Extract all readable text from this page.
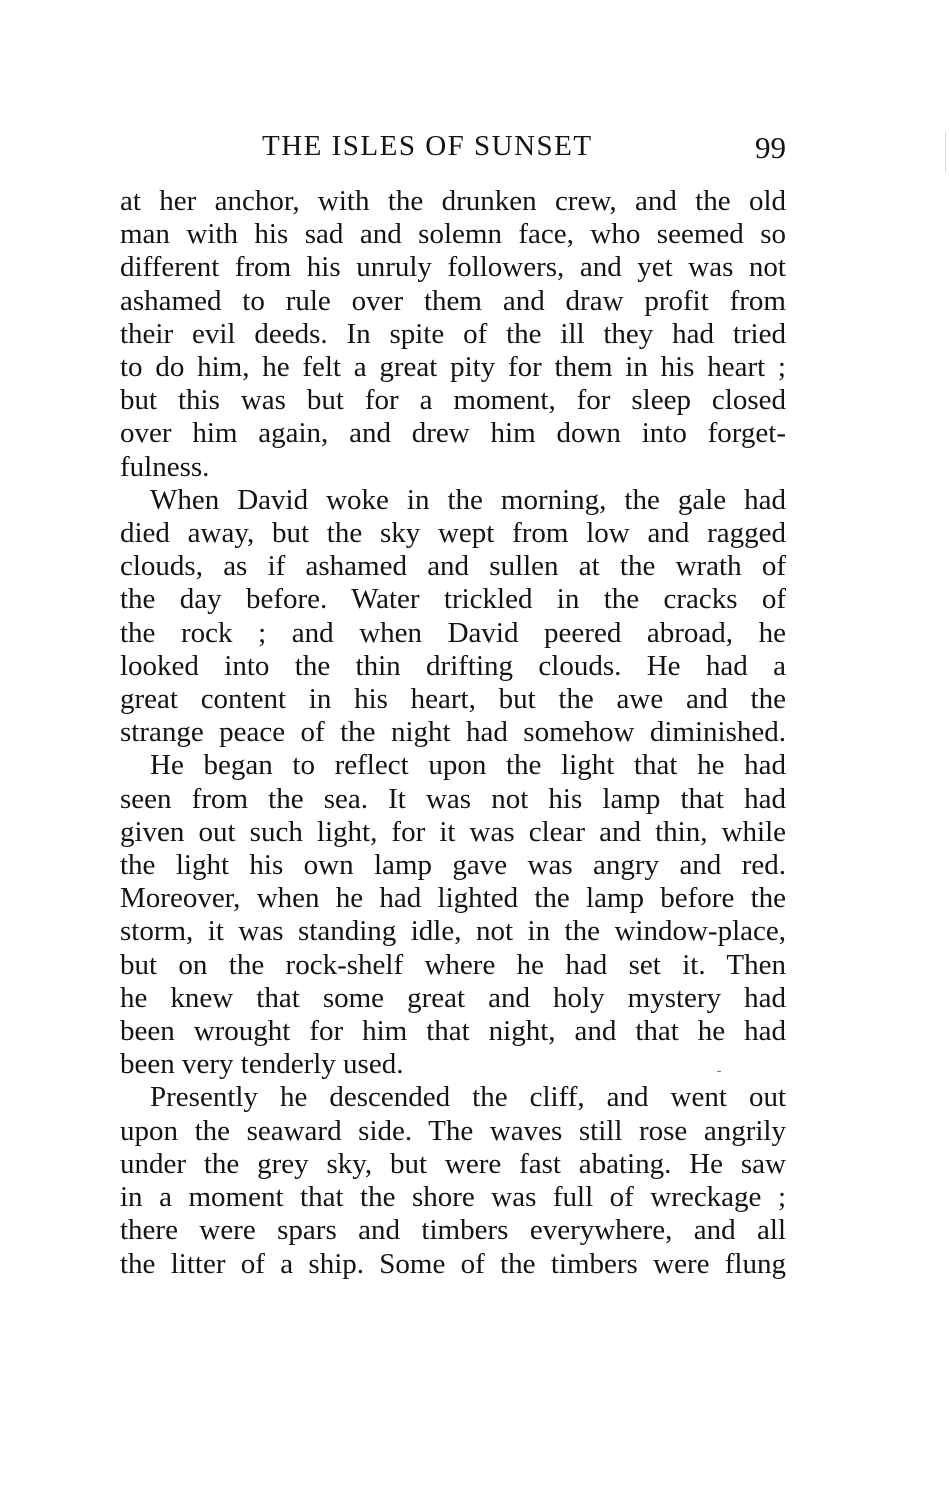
THE ISLES OF SUNSET	99
at her anchor, with the drunken crew, and the old
man with his sad and solemn face, who seemed so
different from his unruly followers, and yet was not
ashamed to rule over them and draw profit from
their evil deeds. In spite of the ill they had tried
to do him, he felt a great pity for them in his heart ;
but this was but for a moment, for sleep closed
over him again, and drew him down into forget-
fulness.
When David woke in the morning, the gale had
died away, but the sky wept from low and ragged
clouds, as if ashamed and sullen at the wrath of
the day before. Water trickled in the cracks of
the rock ; and when David peered abroad, he
looked into the thin drifting clouds. He had a
great content in his heart, but the awe and the
strange peace of the night had somehow diminished.
He began to reflect upon the light that he had
seen from the sea. It was not his lamp that had
given out such light, for it was clear and thin, while
the light his own lamp gave was angry and red.
Moreover, when he had lighted the lamp before the
storm, it was standing idle, not in the window-place,
but on the rock-shelf where he had set it. Then
he knew that some great and holy mystery had
been wrought for him that night, and that he had
been very tenderly used.
Presently he descended the cliff, and went out
upon the seaward side. The waves still rose angrily
under the grey sky, but were fast abating. He saw
in a moment that the shore was full of wreckage ;
there were spars and timbers everywhere, and all
the litter of a ship. Some of the timbers were flung
